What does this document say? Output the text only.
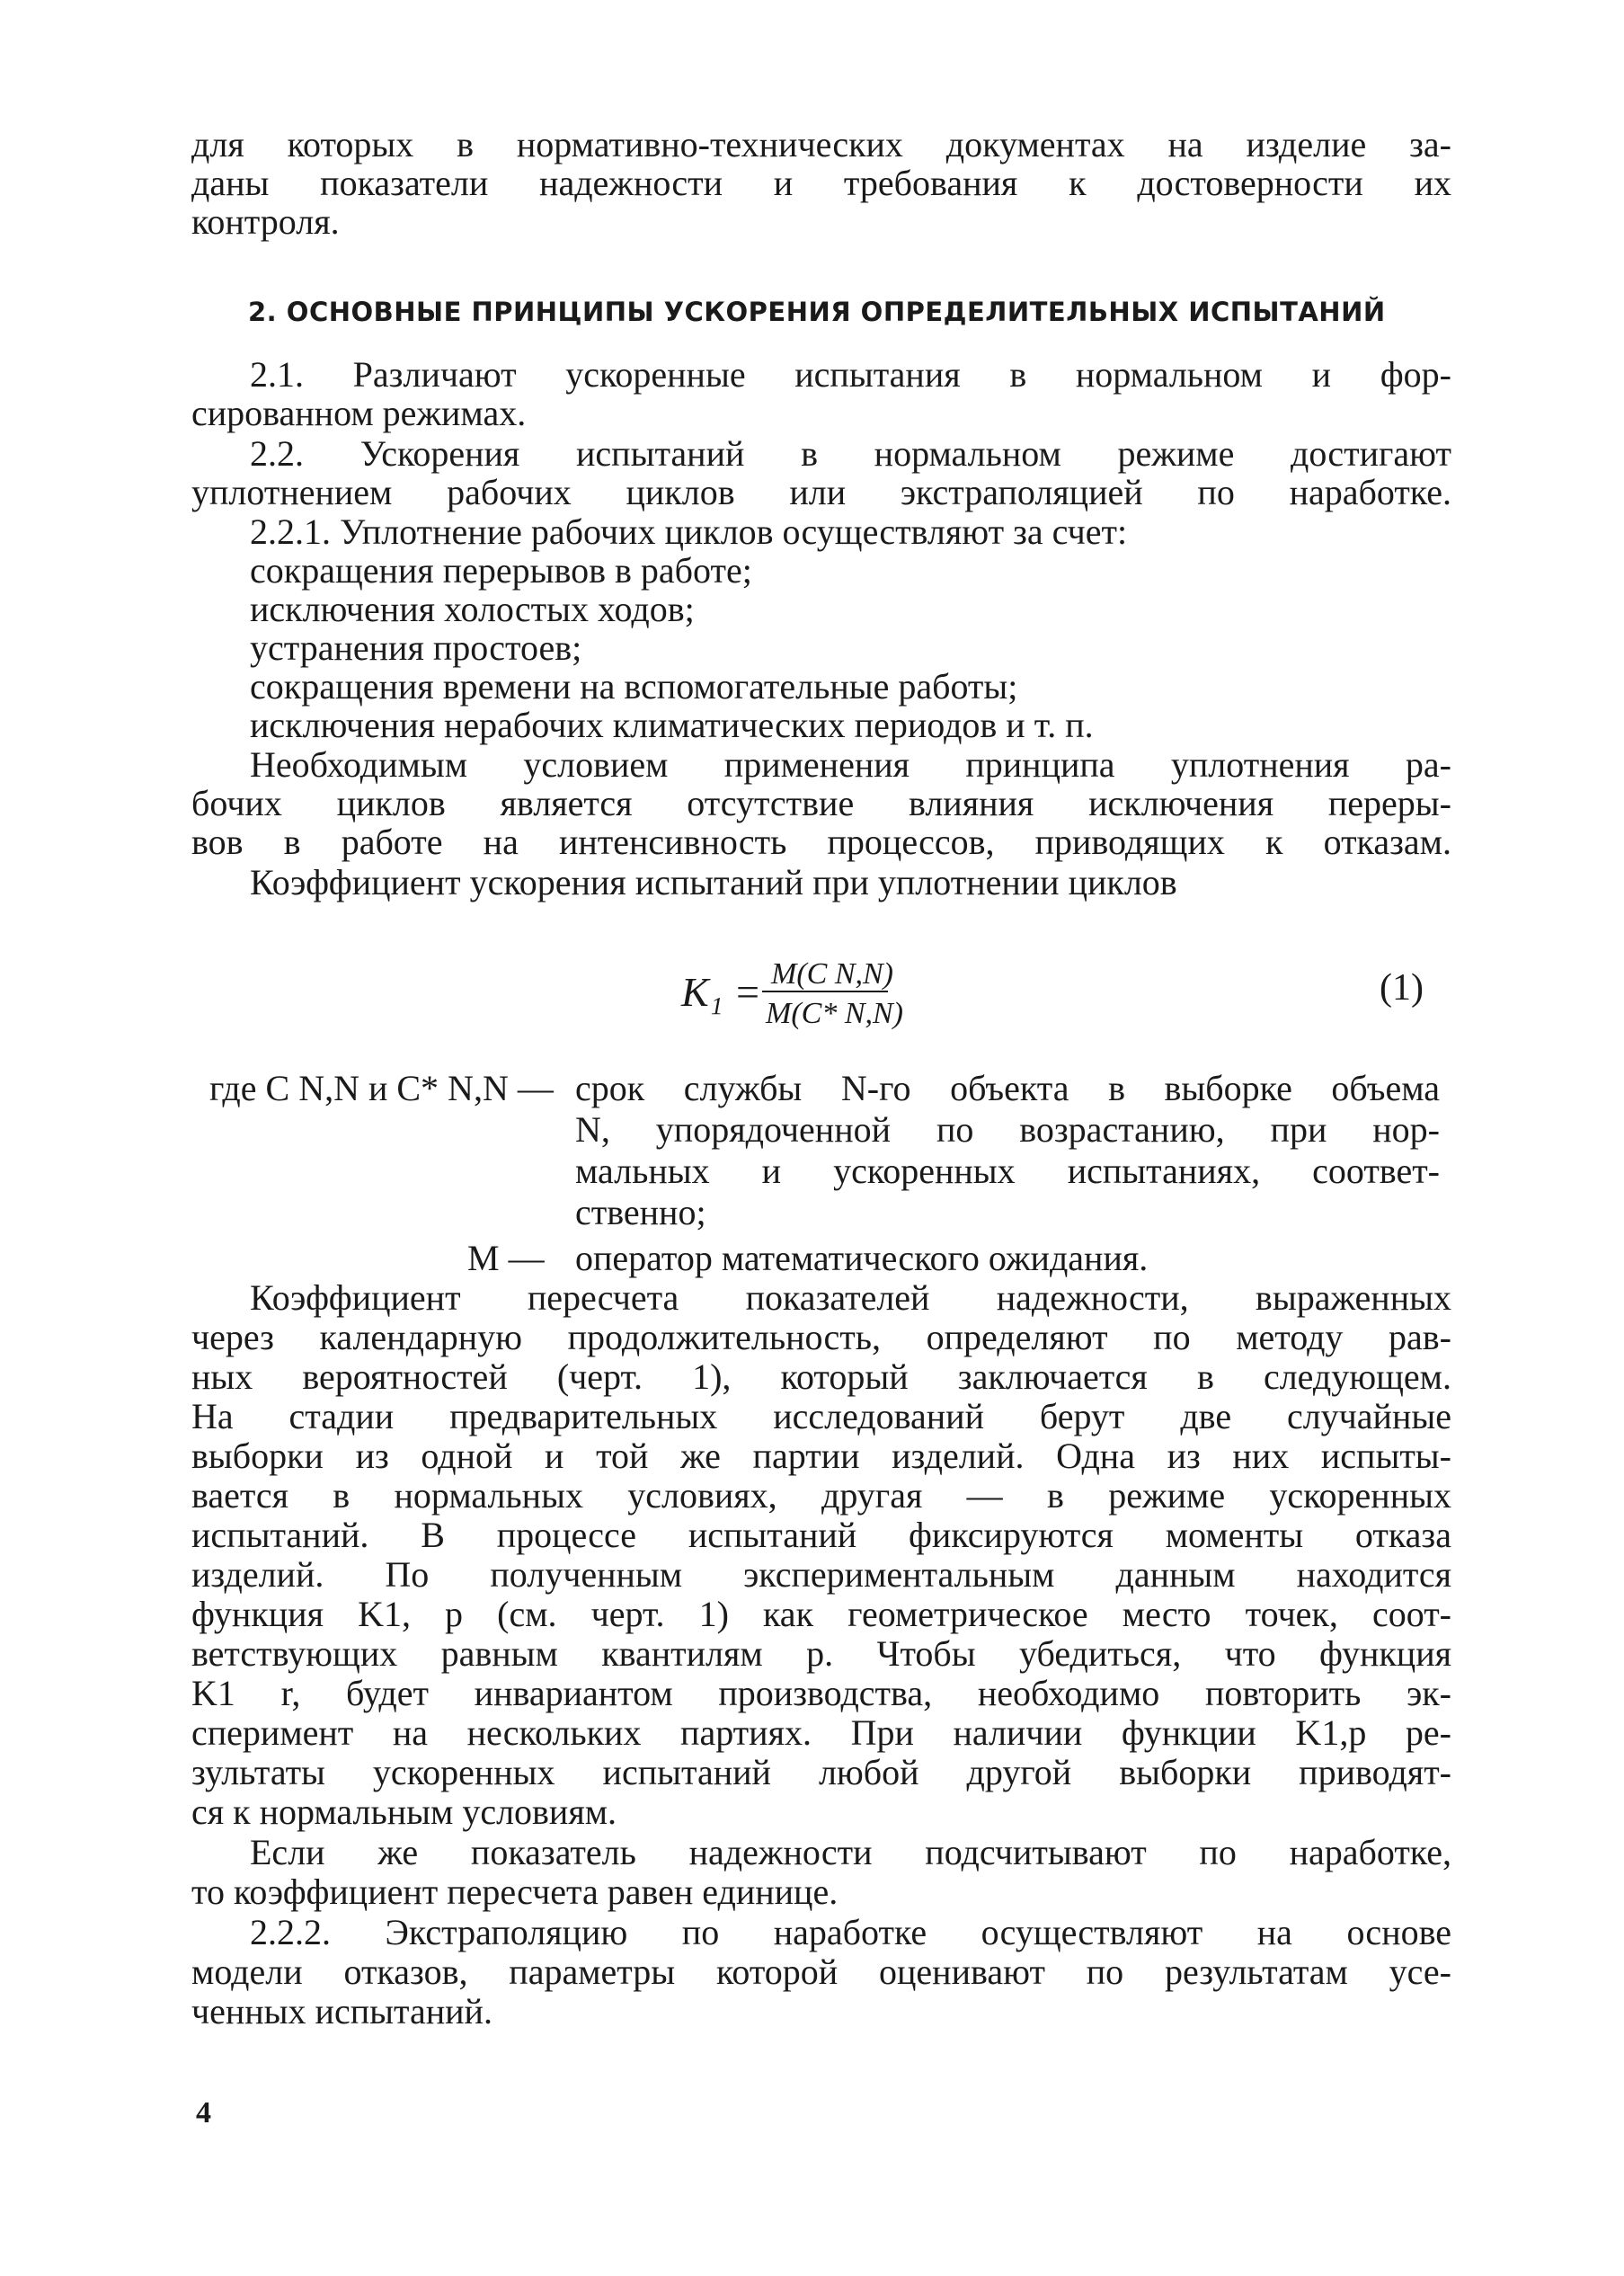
для которых в нормативно-технических документах на изделие за-
даны показатели надежности и требования к достоверности их
контроля.
2. ОСНОВНЫЕ ПРИНЦИПЫ УСКОРЕНИЯ ОПРЕДЕЛИТЕЛЬНЫХ ИСПЫТАНИЙ
2.1. Различают ускоренные испытания в нормальном и фор-
сированном режимах.
2.2. Ускорения испытаний в нормальном режиме достигают
уплотнением рабочих циклов или экстраполяцией по наработке.
2.2.1. Уплотнение рабочих циклов осуществляют за счет:
сокращения перерывов в работе;
исключения холостых ходов;
устранения простоев;
сокращения времени на вспомогательные работы;
исключения нерабочих климатических периодов и т. п.
Необходимым условием применения принципа уплотнения ра-
бочих циклов является отсутствие влияния исключения переры-
вов в работе на интенсивность процессов, приводящих к отказам.
Коэффициент ускорения испытаний при уплотнении циклов
K₁ = M(C N,N)
M(C* N,N)
(1)
где C N,N и C* N,N — срок службы N-го объекта в выборке объема
N, упорядоченной по возрастанию, при нор-
мальных и ускоренных испытаниях, соответ-
ственно;
M — оператор математического ожидания.
Коэффициент пересчета показателей надежности, выраженных
через календарную продолжительность, определяют по методу рав-
ных вероятностей (черт. 1), который заключается в следующем.
На стадии предварительных исследований берут две случайные
выборки из одной и той же партии изделий. Одна из них испыты-
вается в нормальных условиях, другая — в режиме ускоренных
испытаний. В процессе испытаний фиксируются моменты отказа
изделий. По полученным экспериментальным данным находится
функция K1, p (см. черт. 1) как геометрическое место точек, соот-
ветствующих равным квантилям p. Чтобы убедиться, что функция
K1 r, будет инвариантом производства, необходимо повторить эк-
сперимент на нескольких партиях. При наличии функции K1,p ре-
зультаты ускоренных испытаний любой другой выборки приводят-
ся к нормальным условиям.
Если же показатель надежности подсчитывают по наработке,
то коэффициент пересчета равен единице.
2.2.2. Экстраполяцию по наработке осуществляют на основе
модели отказов, параметры которой оценивают по результатам усе-
ченных испытаний.
4
